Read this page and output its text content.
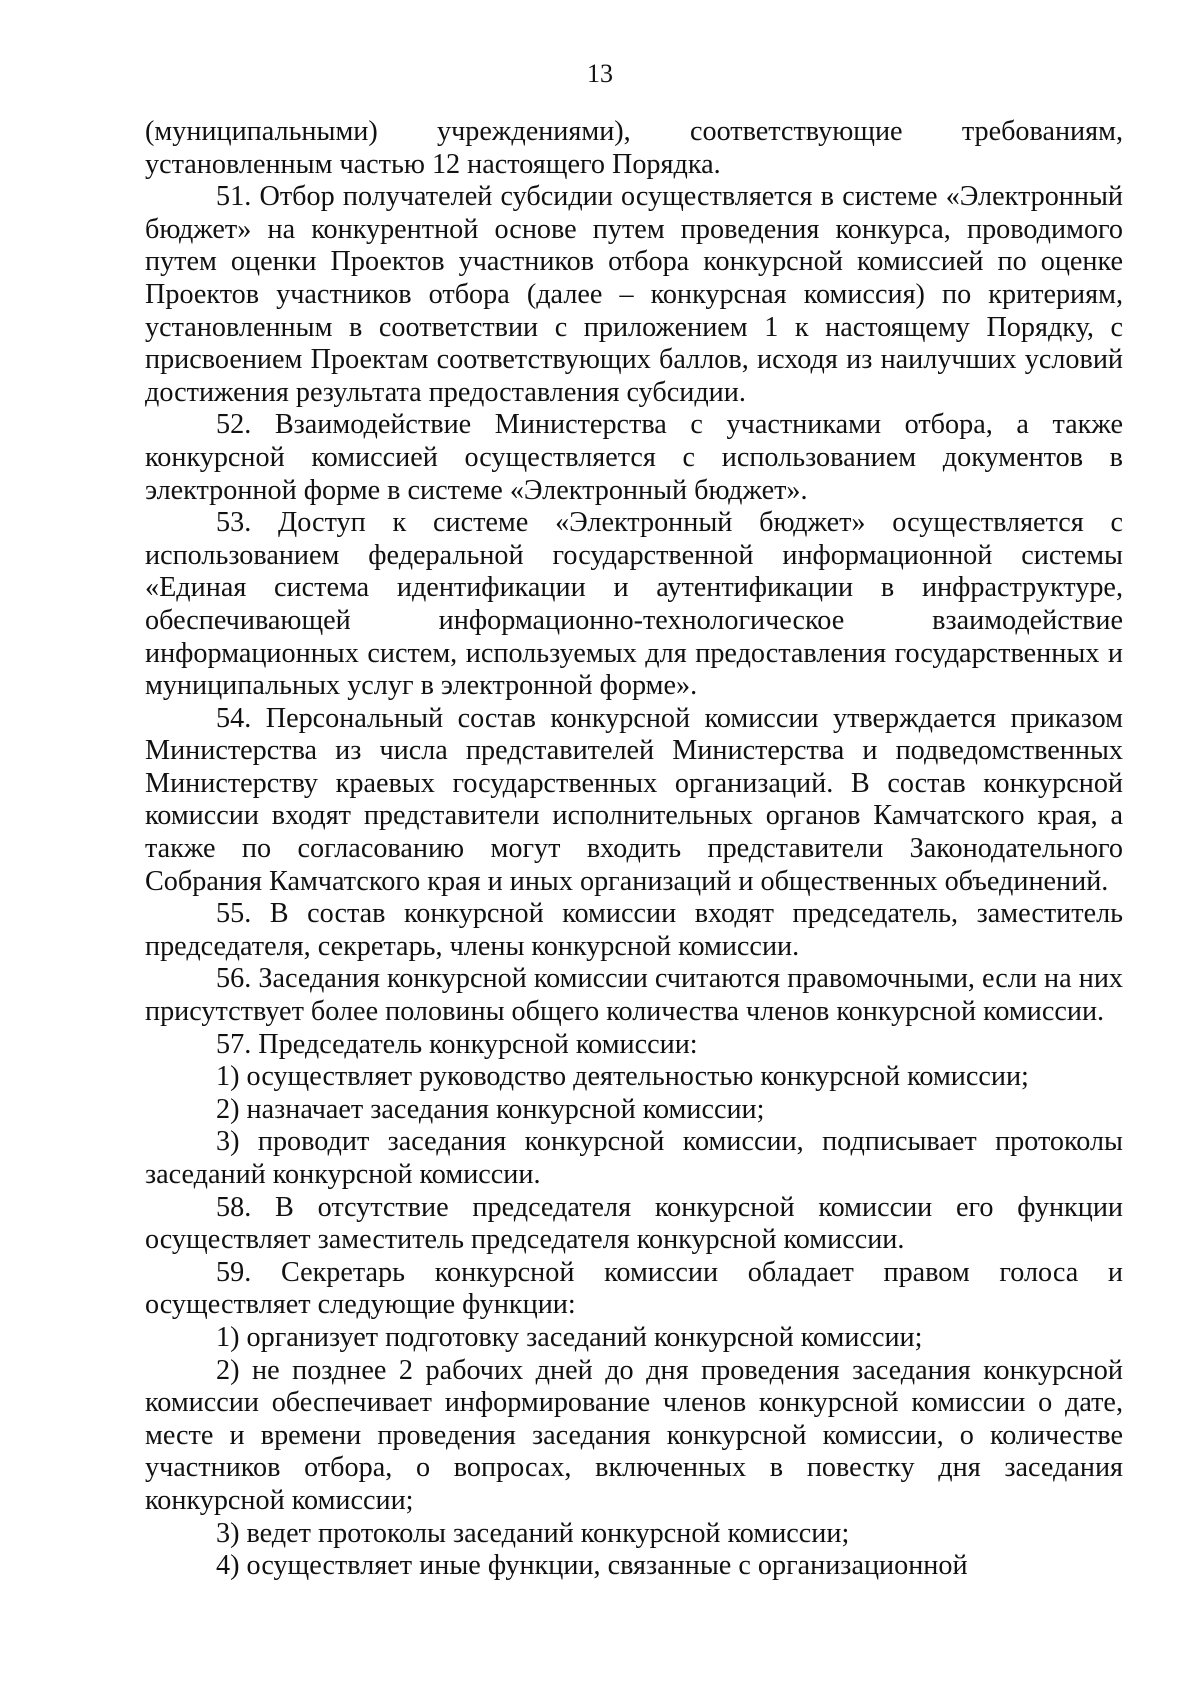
13

(муниципальными) учреждениями), соответствующие требованиям, установленным частью 12 настоящего Порядка.

51. Отбор получателей субсидии осуществляется в системе «Электронный бюджет» на конкурентной основе путем проведения конкурса, проводимого путем оценки Проектов участников отбора конкурсной комиссией по оценке Проектов участников отбора (далее – конкурсная комиссия) по критериям, установленным в соответствии с приложением 1 к настоящему Порядку, с присвоением Проектам соответствующих баллов, исходя из наилучших условий достижения результата предоставления субсидии.

52. Взаимодействие Министерства с участниками отбора, а также конкурсной комиссией осуществляется с использованием документов в электронной форме в системе «Электронный бюджет».

53. Доступ к системе «Электронный бюджет» осуществляется с использованием федеральной государственной информационной системы «Единая система идентификации и аутентификации в инфраструктуре, обеспечивающей информационно-технологическое взаимодействие информационных систем, используемых для предоставления государственных и муниципальных услуг в электронной форме».

54. Персональный состав конкурсной комиссии утверждается приказом Министерства из числа представителей Министерства и подведомственных Министерству краевых государственных организаций. В состав конкурсной комиссии входят представители исполнительных органов Камчатского края, а также по согласованию могут входить представители Законодательного Собрания Камчатского края и иных организаций и общественных объединений.

55. В состав конкурсной комиссии входят председатель, заместитель председателя, секретарь, члены конкурсной комиссии.

56. Заседания конкурсной комиссии считаются правомочными, если на них присутствует более половины общего количества членов конкурсной комиссии.

57. Председатель конкурсной комиссии:

1) осуществляет руководство деятельностью конкурсной комиссии;

2) назначает заседания конкурсной комиссии;

3) проводит заседания конкурсной комиссии, подписывает протоколы заседаний конкурсной комиссии.

58. В отсутствие председателя конкурсной комиссии его функции осуществляет заместитель председателя конкурсной комиссии.

59. Секретарь конкурсной комиссии обладает правом голоса и осуществляет следующие функции:

1) организует подготовку заседаний конкурсной комиссии;

2) не позднее 2 рабочих дней до дня проведения заседания конкурсной комиссии обеспечивает информирование членов конкурсной комиссии о дате, месте и времени проведения заседания конкурсной комиссии, о количестве участников отбора, о вопросах, включенных в повестку дня заседания конкурсной комиссии;

3) ведет протоколы заседаний конкурсной комиссии;

4) осуществляет иные функции, связанные с организационной
